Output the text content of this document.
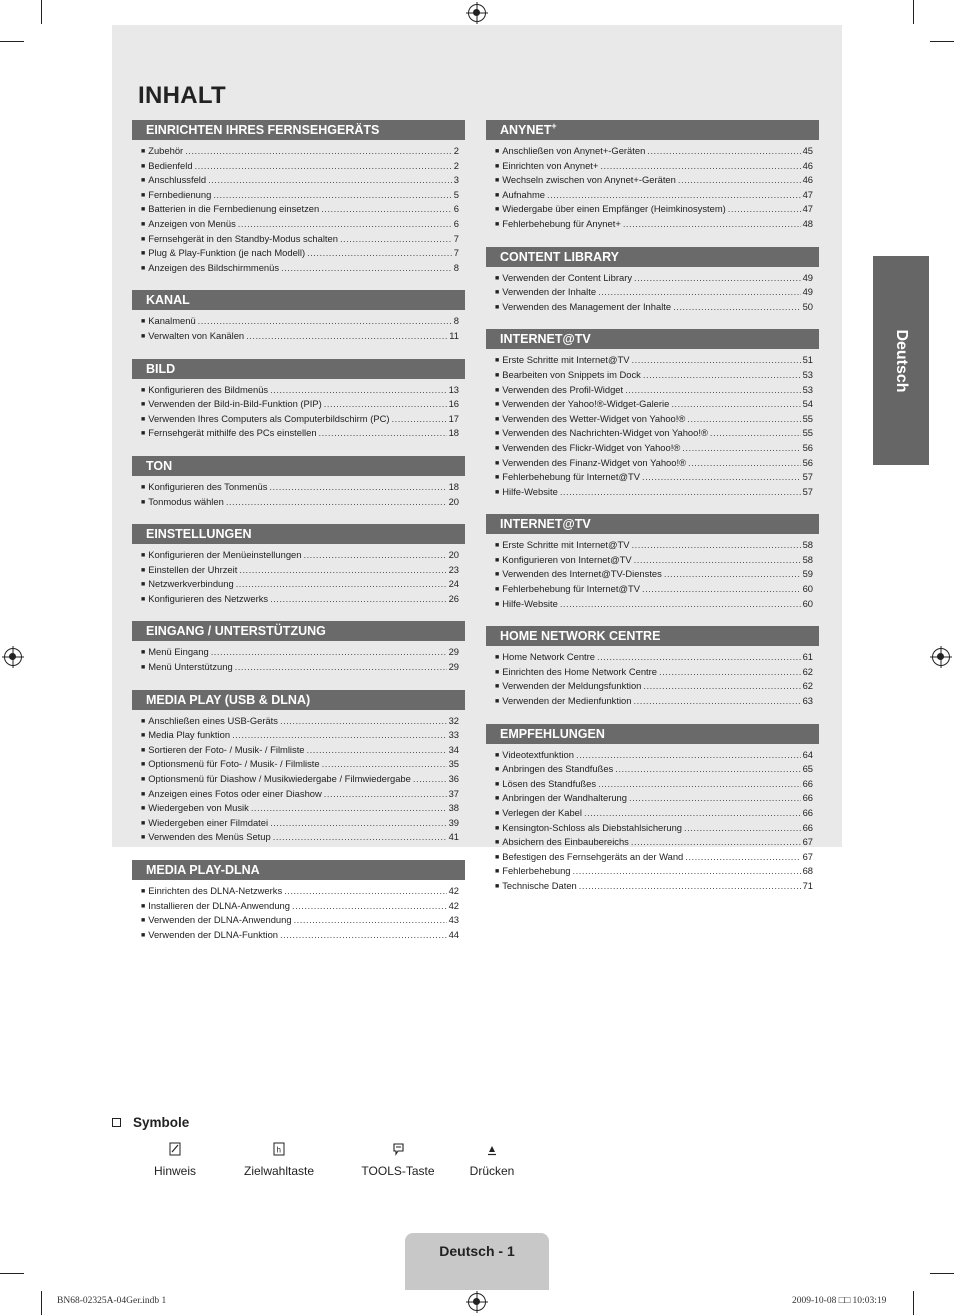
INHALT
EINRICHTEN IHRES FERNSEHGERÄTS
■ Zubehör .....	2
■ Bedienfeld .....	2
■ Anschlussfeld .....	3
■ Fernbedienung .....	5
■ Batterien in die Fernbedienung einsetzen .....	6
■ Anzeigen von Menüs .....	6
■ Fernsehgerät in den Standby-Modus schalten .....	7
■ Plug & Play-Funktion (je nach Modell) .....	7
■ Anzeigen des Bildschirmmenüs .....	8
KANAL
■ Kanalmenü .....	8
■ Verwalten von Kanälen .....	11
BILD
■ Konfigurieren des Bildmenüs .....	13
■ Verwenden der Bild-in-Bild-Funktion (PIP) .....	16
■ Verwenden Ihres Computers als Computerbildschirm (PC) .....	17
■ Fernsehgerät mithilfe des PCs einstellen .....	18
TON
■ Konfigurieren des Tonmenüs .....	18
■ Tonmodus wählen .....	20
EINSTELLUNGEN
■ Konfigurieren der Menüeinstellungen .....	20
■ Einstellen der Uhrzeit .....	23
■ Netzwerkverbindung .....	24
■ Konfigurieren des Netzwerks .....	26
EINGANG / UNTERSTÜTZUNG
■ Menü Eingang .....	29
■ Menü Unterstützung .....	29
MEDIA PLAY (USB & DLNA)
■ Anschließen eines USB-Geräts .....	32
■ Media Play funktion .....	33
■ Sortieren der Foto- / Musik- / Filmliste .....	34
■ Optionsmenü für Foto- / Musik- / Filmliste .....	35
■ Optionsmenü für Diashow / Musikwiedergabe / Filmwiedergabe .....	36
■ Anzeigen eines Fotos oder einer Diashow .....	37
■ Wiedergeben von Musik .....	38
■ Wiedergeben einer Filmdatei .....	39
■ Verwenden des Menüs Setup .....	41
MEDIA PLAY-DLNA
■ Einrichten des DLNA-Netzwerks .....	42
■ Installieren der DLNA-Anwendung .....	42
■ Verwenden der DLNA-Anwendung .....	43
■ Verwenden der DLNA-Funktion .....	44
ANYNET+
■ Anschließen von Anynet+-Geräten .....	45
■ Einrichten von Anynet+ .....	46
■ Wechseln zwischen von Anynet+-Geräten .....	46
■ Aufnahme .....	47
■ Wiedergabe über einen Empfänger (Heimkinosystem) .....	47
■ Fehlerbehebung für Anynet+ .....	48
CONTENT LIBRARY
■ Verwenden der Content Library .....	49
■ Verwenden der Inhalte .....	49
■ Verwenden des Management der Inhalte .....	50
INTERNET@TV
■ Erste Schritte mit Internet@TV .....	51
■ Bearbeiten von Snippets im Dock .....	53
■ Verwenden des Profil-Widget .....	53
■ Verwenden der Yahoo!®-Widget-Galerie .....	54
■ Verwenden des Wetter-Widget von Yahoo!® .....	55
■ Verwenden des Nachrichten-Widget von Yahoo!® .....	55
■ Verwenden des Flickr-Widget von Yahoo!® .....	56
■ Verwenden des Finanz-Widget von Yahoo!® .....	56
■ Fehlerbehebung für Internet@TV .....	57
■ Hilfe-Website .....	57
INTERNET@TV
■ Erste Schritte mit Internet@TV .....	58
■ Konfigurieren von Internet@TV .....	58
■ Verwenden des Internet@TV-Dienstes .....	59
■ Fehlerbehebung für Internet@TV .....	60
■ Hilfe-Website .....	60
HOME NETWORK CENTRE
■ Home Network Centre .....	61
■ Einrichten des Home Network Centre .....	62
■ Verwenden der Meldungsfunktion .....	62
■ Verwenden der Medienfunktion .....	63
EMPFEHLUNGEN
■ Videotextfunktion .....	64
■ Anbringen des Standfußes .....	65
■ Lösen des Standfußes .....	66
■ Anbringen der Wandhalterung .....	66
■ Verlegen der Kabel .....	66
■ Kensington-Schloss als Diebstahlsicherung .....	66
■ Absichern des Einbaubereichs .....	67
■ Befestigen des Fernsehgeräts an der Wand .....	67
■ Fehlerbehebung .....	68
■ Technische Daten .....	71
Deutsch
Symbole
Hinweis
h
Zielwahltaste	TOOLS-Taste	Drücken
Deutsch - 1
BN68-02325A-04Ger.indb 1	2009-10-08 □□ 10:03:19
